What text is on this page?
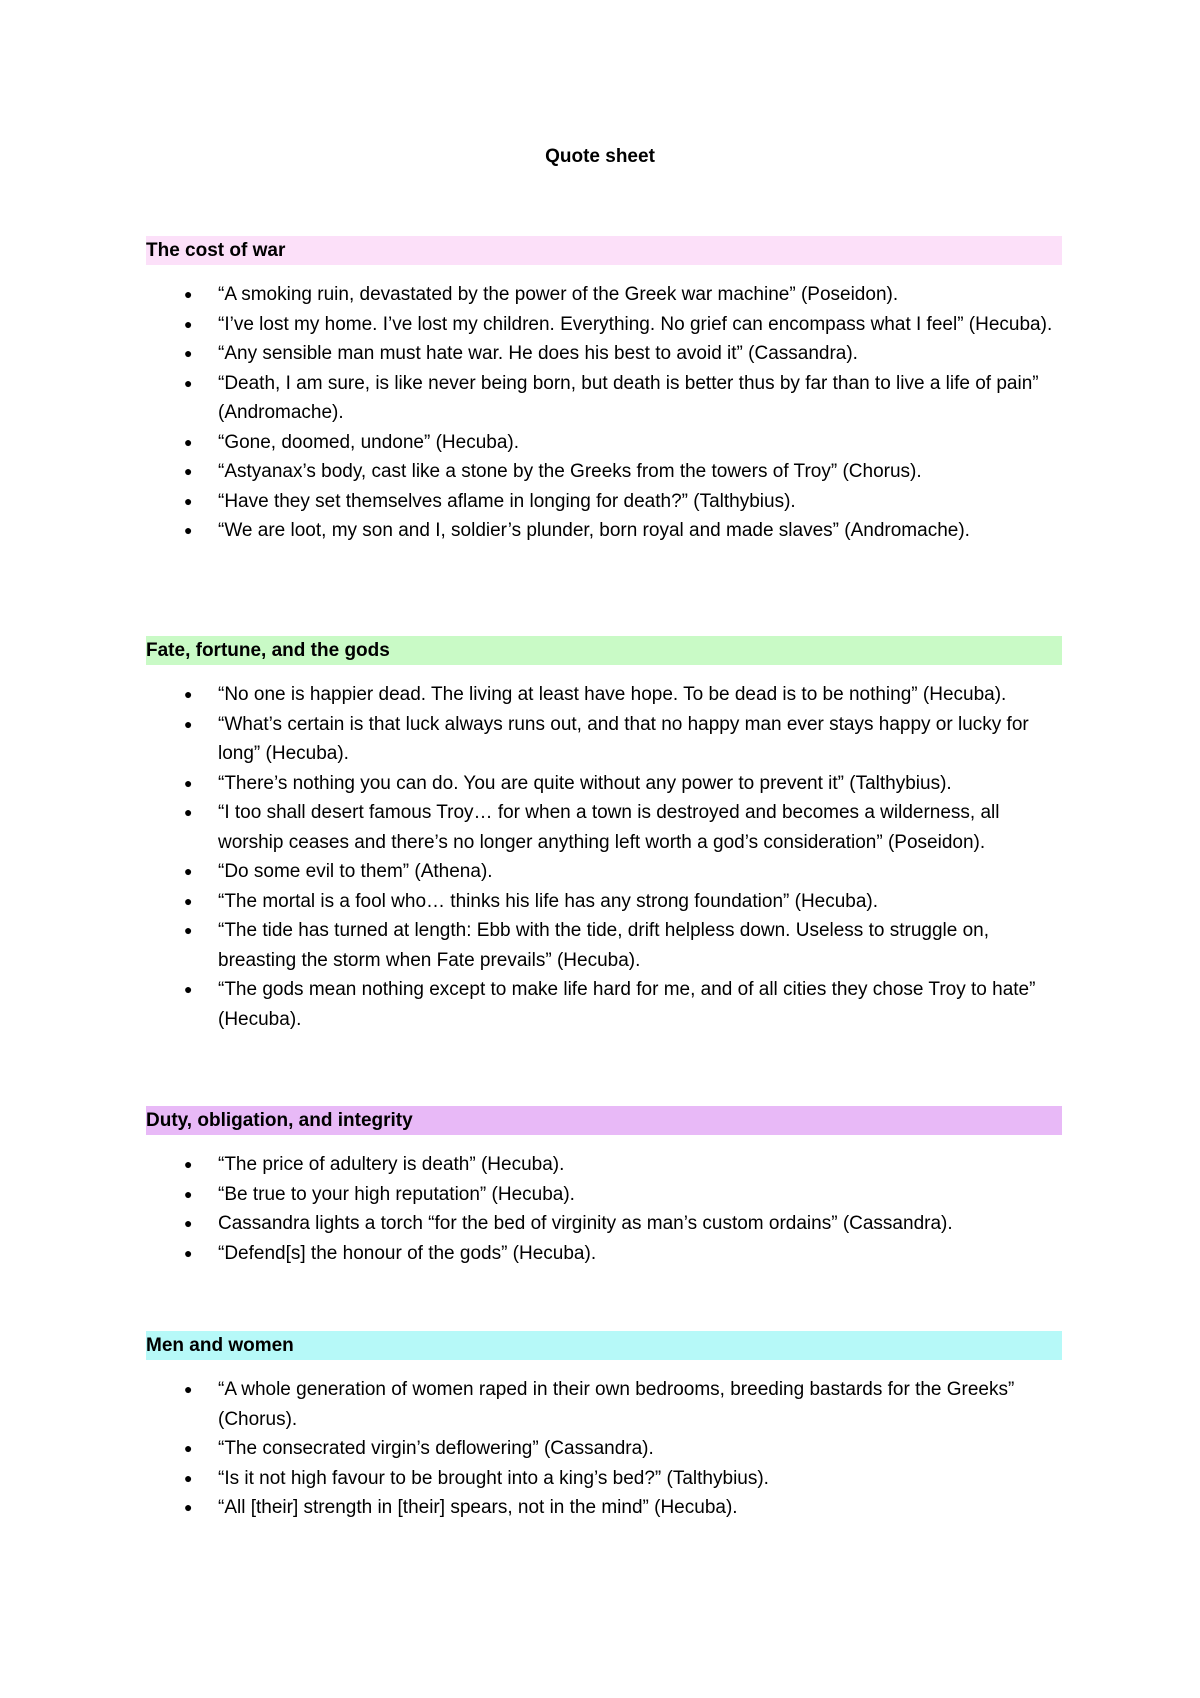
Quote sheet
The cost of war
● “A smoking ruin, devastated by the power of the Greek war machine” (Poseidon).
● “I’ve lost my home. I’ve lost my children. Everything. No grief can encompass what I feel” (Hecuba).
● “Any sensible man must hate war. He does his best to avoid it” (Cassandra).
● “Death, I am sure, is like never being born, but death is better thus by far than to live a life of pain” (Andromache).
● “Gone, doomed, undone” (Hecuba).
● “Astyanax’s body, cast like a stone by the Greeks from the towers of Troy” (Chorus).
● “Have they set themselves aflame in longing for death?” (Talthybius).
● “We are loot, my son and I, soldier’s plunder, born royal and made slaves” (Andromache).
Fate, fortune, and the gods
● “No one is happier dead. The living at least have hope. To be dead is to be nothing” (Hecuba).
● “What’s certain is that luck always runs out, and that no happy man ever stays happy or lucky for long” (Hecuba).
● “There’s nothing you can do. You are quite without any power to prevent it” (Talthybius).
● “I too shall desert famous Troy… for when a town is destroyed and becomes a wilderness, all worship ceases and there’s no longer anything left worth a god’s consideration” (Poseidon).
● “Do some evil to them” (Athena).
● “The mortal is a fool who… thinks his life has any strong foundation” (Hecuba).
● “The tide has turned at length: Ebb with the tide, drift helpless down. Useless to struggle on, breasting the storm when Fate prevails” (Hecuba).
● “The gods mean nothing except to make life hard for me, and of all cities they chose Troy to hate” (Hecuba).
Duty, obligation, and integrity
● “The price of adultery is death” (Hecuba).
● “Be true to your high reputation” (Hecuba).
● Cassandra lights a torch “for the bed of virginity as man’s custom ordains” (Cassandra).
● “Defend[s] the honour of the gods” (Hecuba).
Men and women
● “A whole generation of women raped in their own bedrooms, breeding bastards for the Greeks” (Chorus).
● “The consecrated virgin’s deflowering” (Cassandra).
● “Is it not high favour to be brought into a king’s bed?” (Talthybius).
● “All [their] strength in [their] spears, not in the mind” (Hecuba).
